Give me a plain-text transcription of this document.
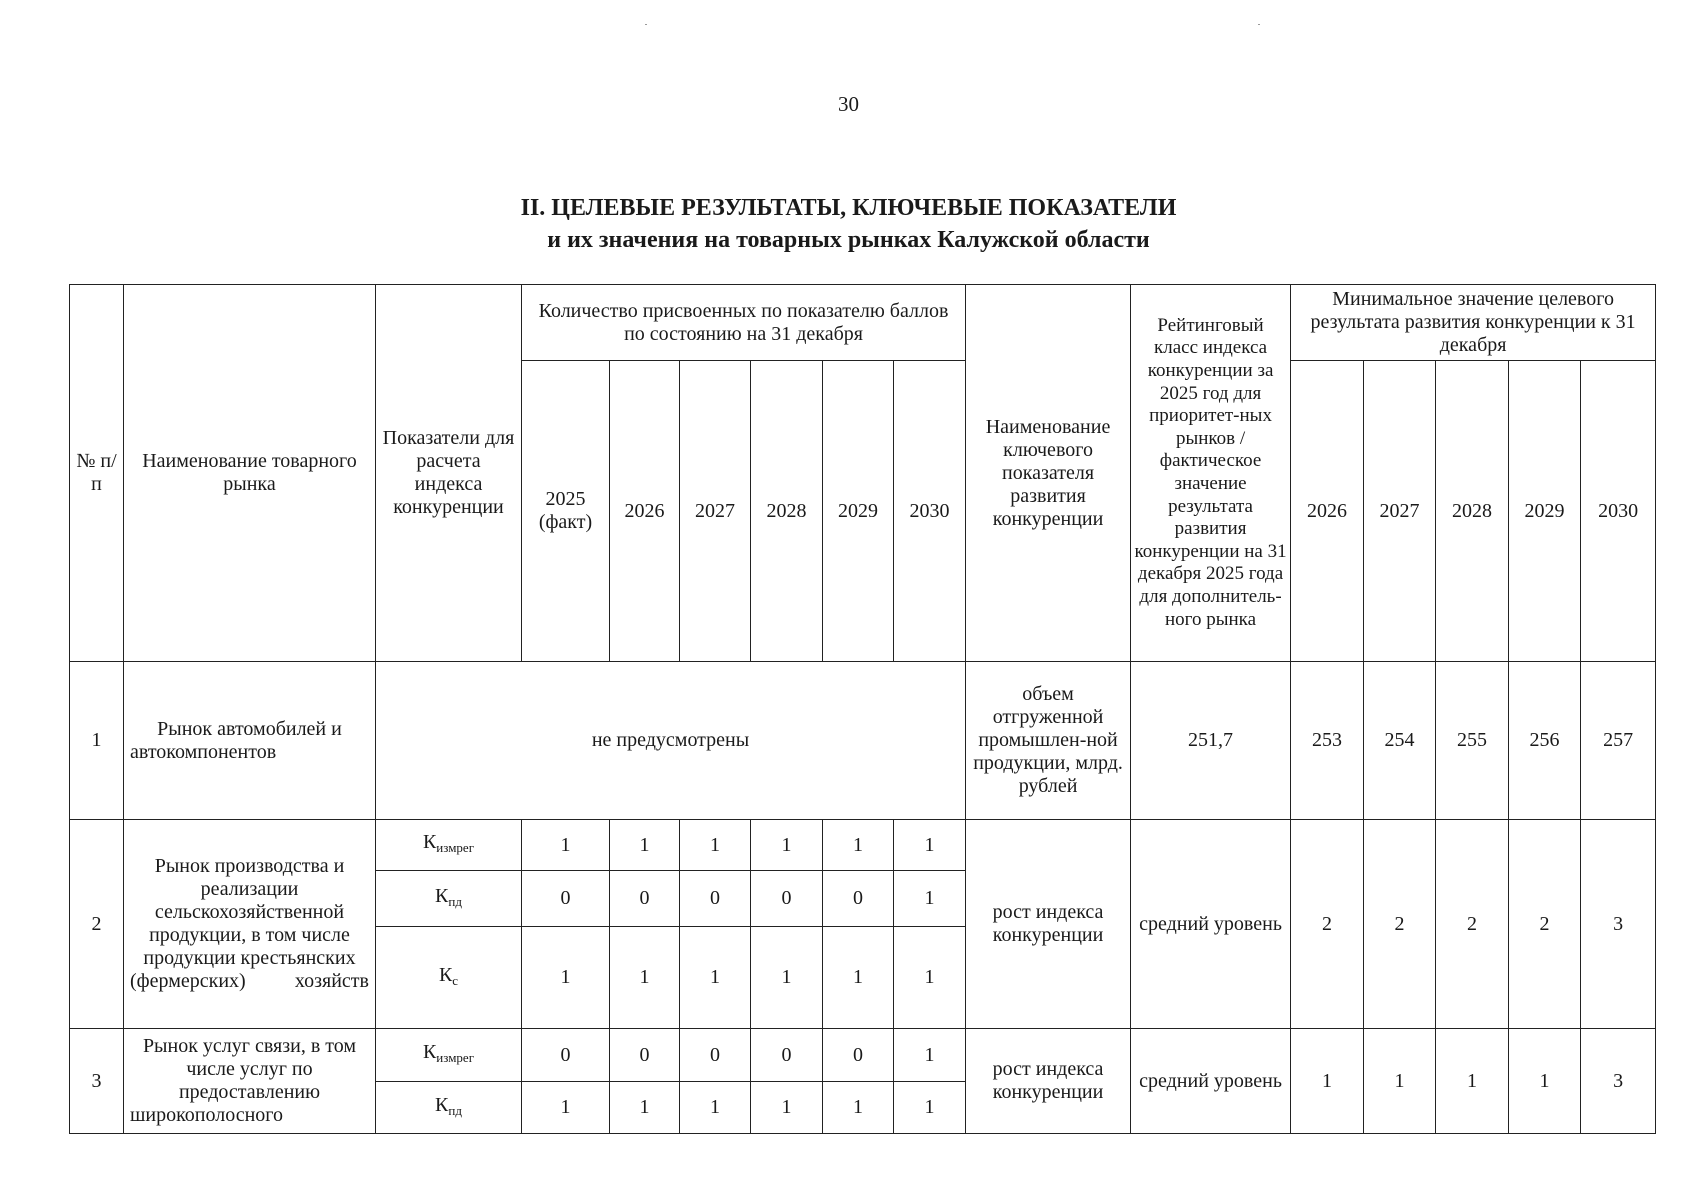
30
II. ЦЕЛЕВЫЕ РЕЗУЛЬТАТЫ, КЛЮЧЕВЫЕ ПОКАЗАТЕЛИ
и их значения на товарных рынках Калужской области
№ п/п	Наименование товарного рынка	Показатели для расчета индекса конкуренции	Количество присвоенных по показателю баллов по состоянию на 31 декабря						Наименование ключевого показателя развития конкуренции	Рейтинговый класс индекса конкуренции за 2025 год для приоритет-ных рынков / фактическое значение результата развития конкуренции на 31 декабря 2025 года для дополнитель-ного рынка	Минимальное значение целевого результата развития конкуренции к 31 декабря				
			2025 (факт)	2026	2027	2028	2029	2030			2026	2027	2028	2029	2030
1	Рынок автомобилей и автокомпонентов	не предусмотрены							объем отгруженной промышлен-ной продукции, млрд. рублей	251,7	253	254	255	256	257
2	Рынок производства и реализации сельскохозяйственной продукции, в том числе продукции крестьянских (фермерских) хозяйств	$К_{измрег}$	1	1	1	1	1	1	рост индекса конкуренции	средний уровень	2	2	2	2	3
		$К_{пд}$	0	0	0	0	0	1							
		$К_с$	1	1	1	1	1	1							
3	Рынок услуг связи, в том числе услуг по предоставлению широкополосного	$К_{измрег}$	0	0	0	0	0	1	рост индекса конкуренции	средний уровень	1	1	1	1	3
		$К_{пд}$	1	1	1	1	1	1							
